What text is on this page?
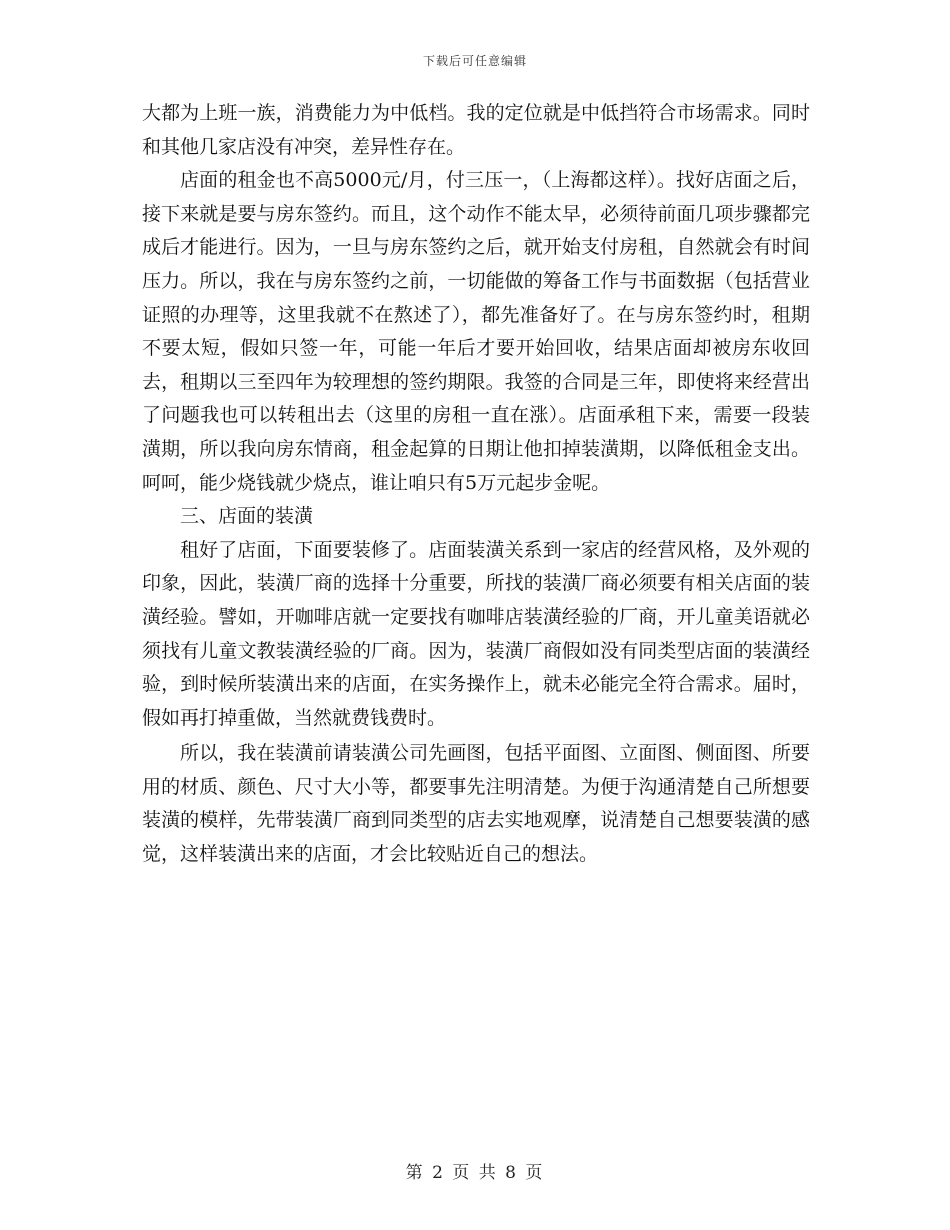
下载后可任意编辑

大都为上班一族，消费能力为中低档。我的定位就是中低挡符合市场需求。同时和其他几家店没有冲突，差异性存在。

店面的租金也不高5000元/月，付三压一，（上海都这样）。找好店面之后，接下来就是要与房东签约。而且，这个动作不能太早，必须待前面几项步骤都完成后才能进行。因为，一旦与房东签约之后，就开始支付房租，自然就会有时间压力。所以，我在与房东签约之前，一切能做的筹备工作与书面数据（包括营业证照的办理等，这里我就不在熬述了），都先准备好了。在与房东签约时，租期不要太短，假如只签一年，可能一年后才要开始回收，结果店面却被房东收回去，租期以三至四年为较理想的签约期限。我签的合同是三年，即使将来经营出了问题我也可以转租出去（这里的房租一直在涨）。店面承租下来，需要一段装潢期，所以我向房东情商，租金起算的日期让他扣掉装潢期，以降低租金支出。呵呵，能少烧钱就少烧点，谁让咱只有5万元起步金呢。

三、店面的装潢

租好了店面，下面要装修了。店面装潢关系到一家店的经营风格，及外观的印象，因此，装潢厂商的选择十分重要，所找的装潢厂商必须要有相关店面的装潢经验。譬如，开咖啡店就一定要找有咖啡店装潢经验的厂商，开儿童美语就必须找有儿童文教装潢经验的厂商。因为，装潢厂商假如没有同类型店面的装潢经验，到时候所装潢出来的店面，在实务操作上，就未必能完全符合需求。届时，假如再打掉重做，当然就费钱费时。

所以，我在装潢前请装潢公司先画图，包括平面图、立面图、侧面图、所要用的材质、颜色、尺寸大小等，都要事先注明清楚。为便于沟通清楚自己所想要装潢的模样，先带装潢厂商到同类型的店去实地观摩，说清楚自己想要装潢的感觉，这样装潢出来的店面，才会比较贴近自己的想法。

第 2 页 共 8 页
